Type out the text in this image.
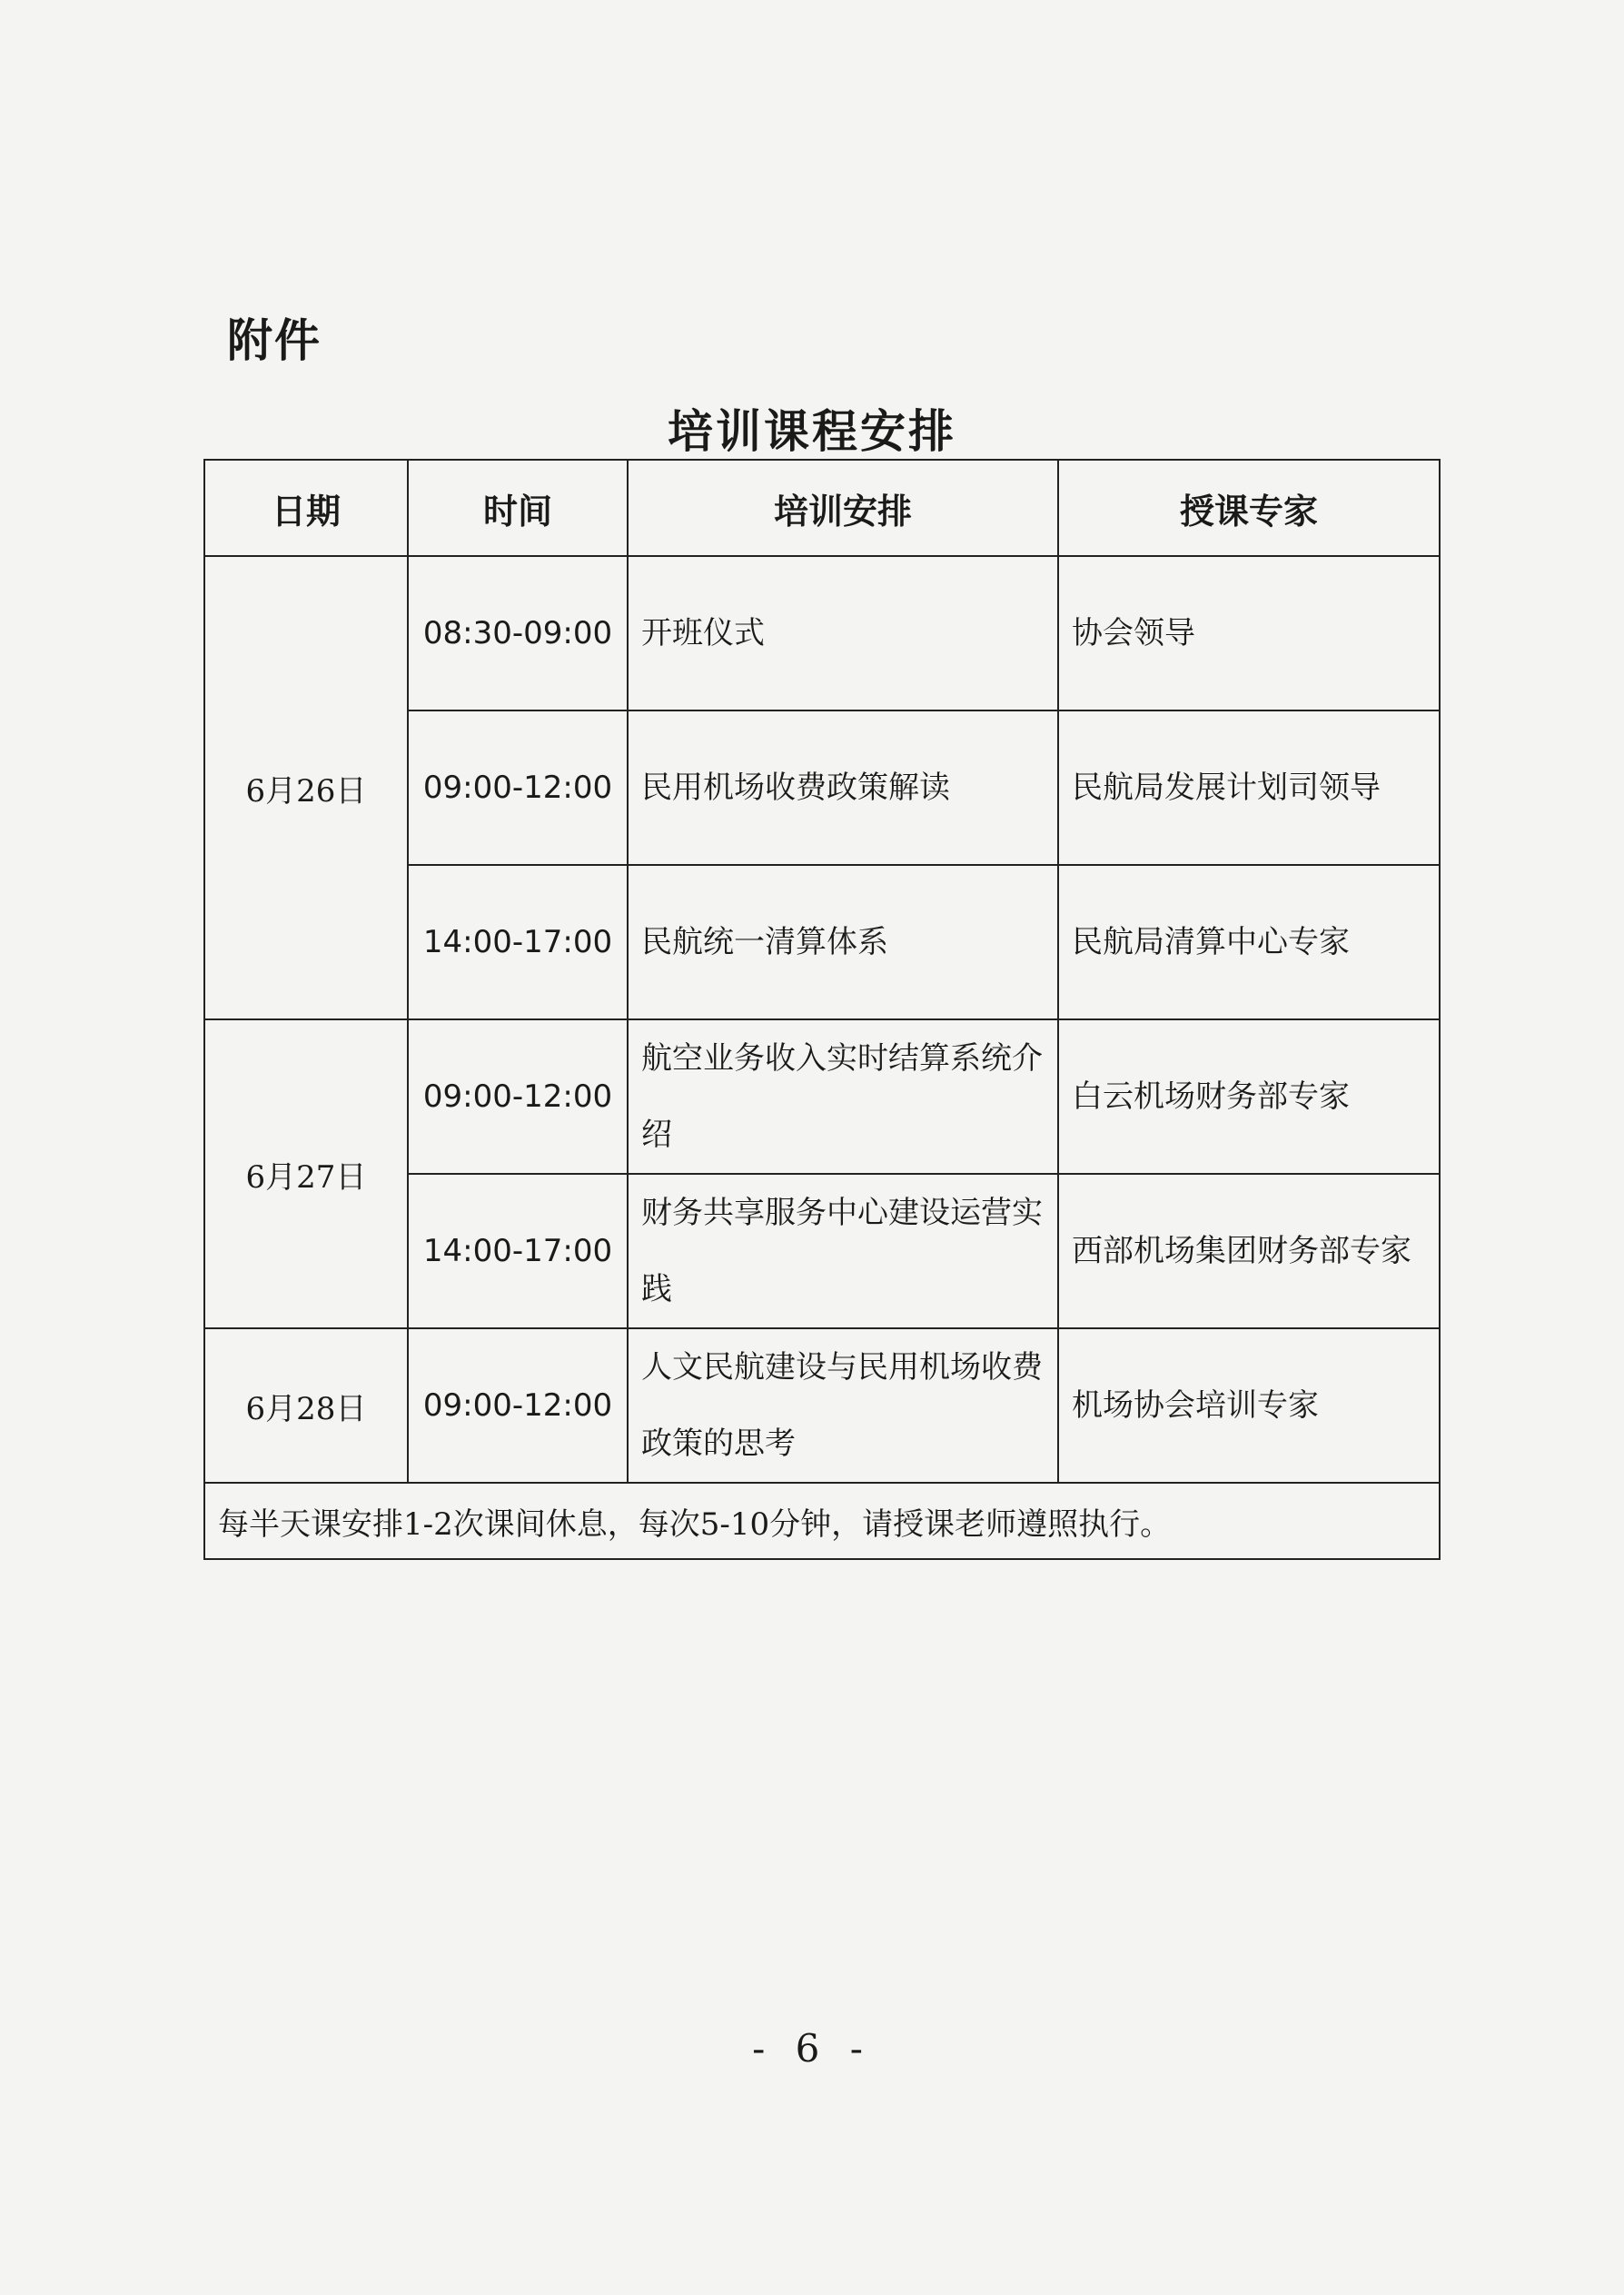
附件
培训课程安排
日期	时间	培训安排	授课专家
6月26日	08:30-09:00	开班仪式	协会领导
	09:00-12:00	民用机场收费政策解读	民航局发展计划司领导
	14:00-17:00	民航统一清算体系	民航局清算中心专家
6月27日	09:00-12:00	航空业务收入实时结算系统介绍	白云机场财务部专家
	14:00-17:00	财务共享服务中心建设运营实践	西部机场集团财务部专家
6月28日	09:00-12:00	人文民航建设与民用机场收费政策的思考	机场协会培训专家
每半天课安排1-2次课间休息，每次5-10分钟，请授课老师遵照执行。			
- 6 -
